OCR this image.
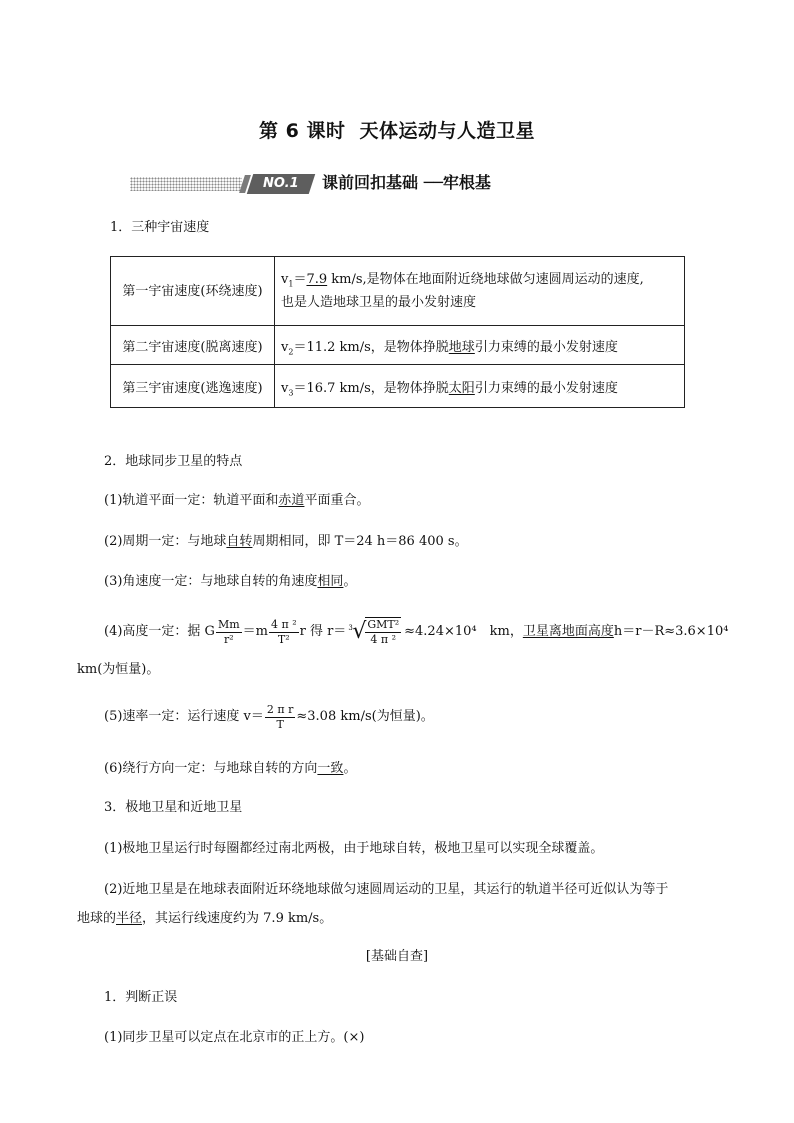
第 6 课时 天体运动与人造卫星
NO.1	课前回扣基础 ──牢根基
1．三种宇宙速度
第一宇宙速度(环绕速度)	$v_1=7.9$ km/s,是物体在地面附近绕地球做匀速圆周运动的速度,
也是人造地球卫星的最小发射速度
第二宇宙速度(脱离速度)	$v_2=11.2$ km/s，是物体挣脱地球引力束缚的最小发射速度
第三宇宙速度(逃逸速度)	$v_3=16.7$ km/s，是物体挣脱太阳引力束缚的最小发射速度
2．地球同步卫星的特点
(1)轨道平面一定：轨道平面和赤道平面重合。
(2)周期一定：与地球自转周期相同，即 T＝24 h＝86 400 s。
(3)角速度一定：与地球自转的角速度相同。
(4)高度一定：据 G $\frac{Mm}{\text{r²}} =m \frac{\text{4 π ²}}{\text{T²}}$ r 得 r＝ 3 √ $\frac{\text{GMT²}}{\text{4 π ²}} \approx 4.24\times 10^4$　km， 卫星离地面高度 h＝r－R≈3.6×10⁴
km(为恒量)。
(5)速率一定：运行速度 $v= \frac{\text{2 π r}}{T} \approx 3.08$ km/s(为恒量)。
(6)绕行方向一定：与地球自转的方向一致。
3．极地卫星和近地卫星
(1)极地卫星运行时每圈都经过南北两极，由于地球自转，极地卫星可以实现全球覆盖。
(2)近地卫星是在地球表面附近环绕地球做匀速圆周运动的卫星，其运行的轨道半径可近似认为等于
地球的半径，其运行线速度约为 7.9 km/s。
[基础自查]
1．判断正误
(1)同步卫星可以定点在北京市的正上方。(×)
